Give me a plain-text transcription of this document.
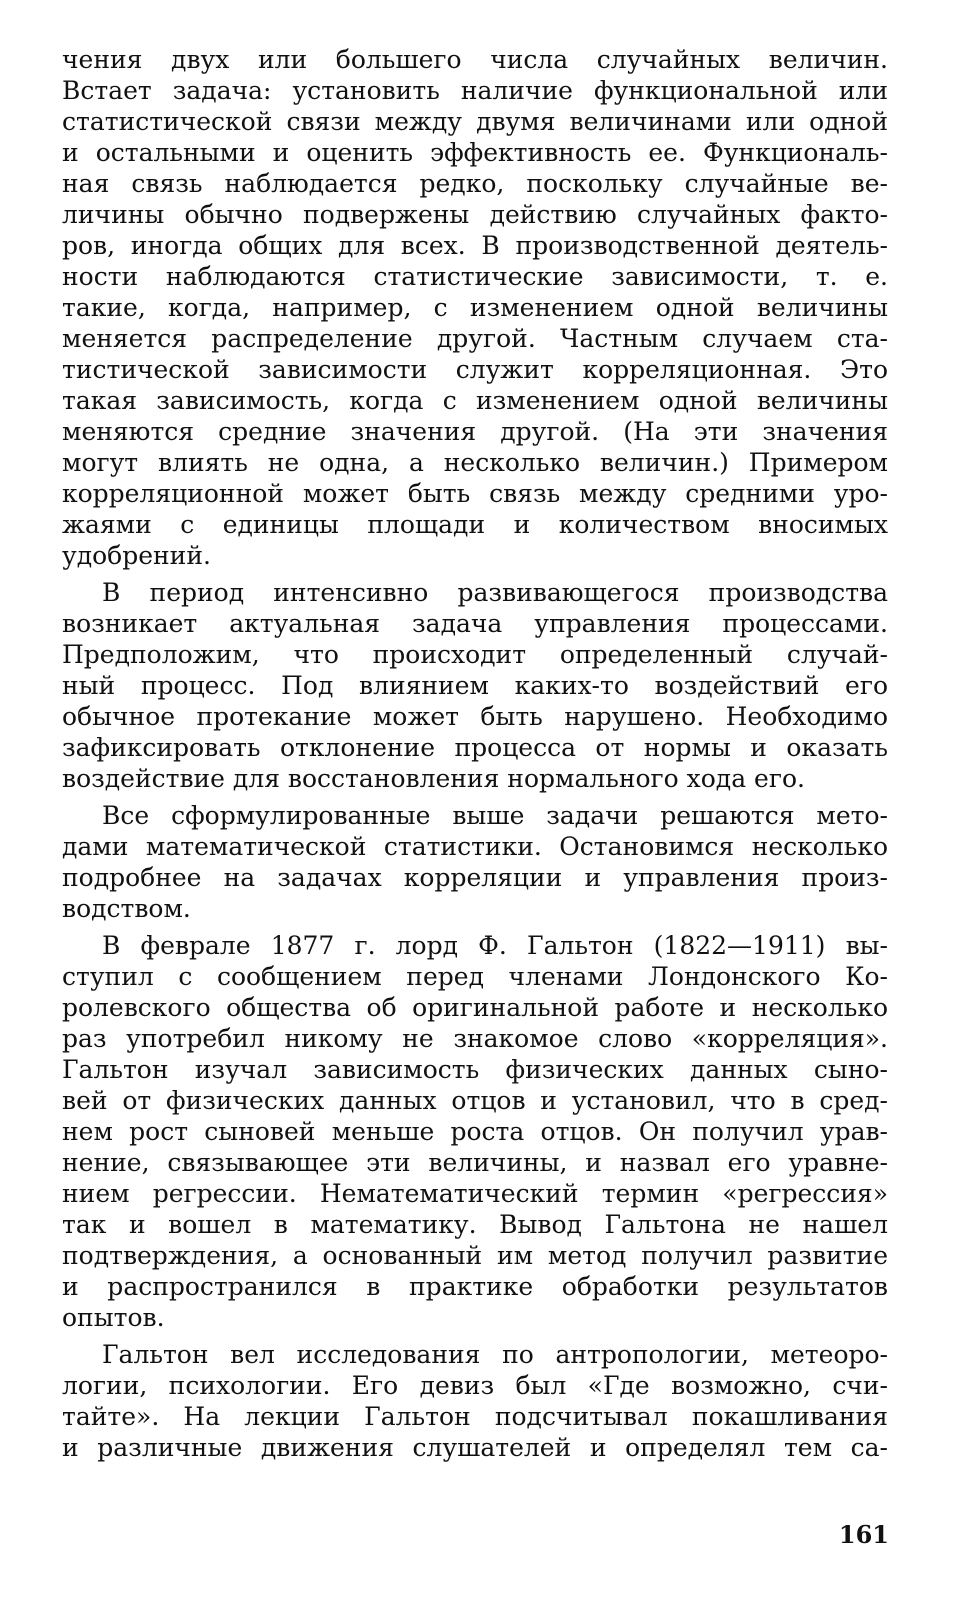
чения двух или большего числа случайных величин.
Встает задача: установить наличие функциональной или
статистической связи между двумя величинами или одной
и остальными и оценить эффективность ее. Функциональ-
ная связь наблюдается редко, поскольку случайные ве-
личины обычно подвержены действию случайных факто-
ров, иногда общих для всех. В производственной деятель-
ности наблюдаются статистические зависимости, т. е.
такие, когда, например, с изменением одной величины
меняется распределение другой. Частным случаем ста-
тистической зависимости служит корреляционная. Это
такая зависимость, когда с изменением одной величины
меняются средние значения другой. (На эти значения
могут влиять не одна, а несколько величин.) Примером
корреляционной может быть связь между средними уро-
жаями с единицы площади и количеством вносимых
удобрений.
В период интенсивно развивающегося производства
возникает актуальная задача управления процессами.
Предположим, что происходит определенный случай-
ный процесс. Под влиянием каких-то воздействий его
обычное протекание может быть нарушено. Необходимо
зафиксировать отклонение процесса от нормы и оказать
воздействие для восстановления нормального хода его.
Все сформулированные выше задачи решаются мето-
дами математической статистики. Остановимся несколько
подробнее на задачах корреляции и управления произ-
водством.
В феврале 1877 г. лорд Ф. Гальтон (1822—1911) вы-
ступил с сообщением перед членами Лондонского Ко-
ролевского общества об оригинальной работе и несколько
раз употребил никому не знакомое слово «корреляция».
Гальтон изучал зависимость физических данных сыно-
вей от физических данных отцов и установил, что в сред-
нем рост сыновей меньше роста отцов. Он получил урав-
нение, связывающее эти величины, и назвал его уравне-
нием регрессии. Нематематический термин «регрессия»
так и вошел в математику. Вывод Гальтона не нашел
подтверждения, а основанный им метод получил развитие
и распространился в практике обработки результатов
опытов.
Гальтон вел исследования по антропологии, метеоро-
логии, психологии. Его девиз был «Где возможно, счи-
тайте». На лекции Гальтон подсчитывал покашливания
и различные движения слушателей и определял тем са-
161
